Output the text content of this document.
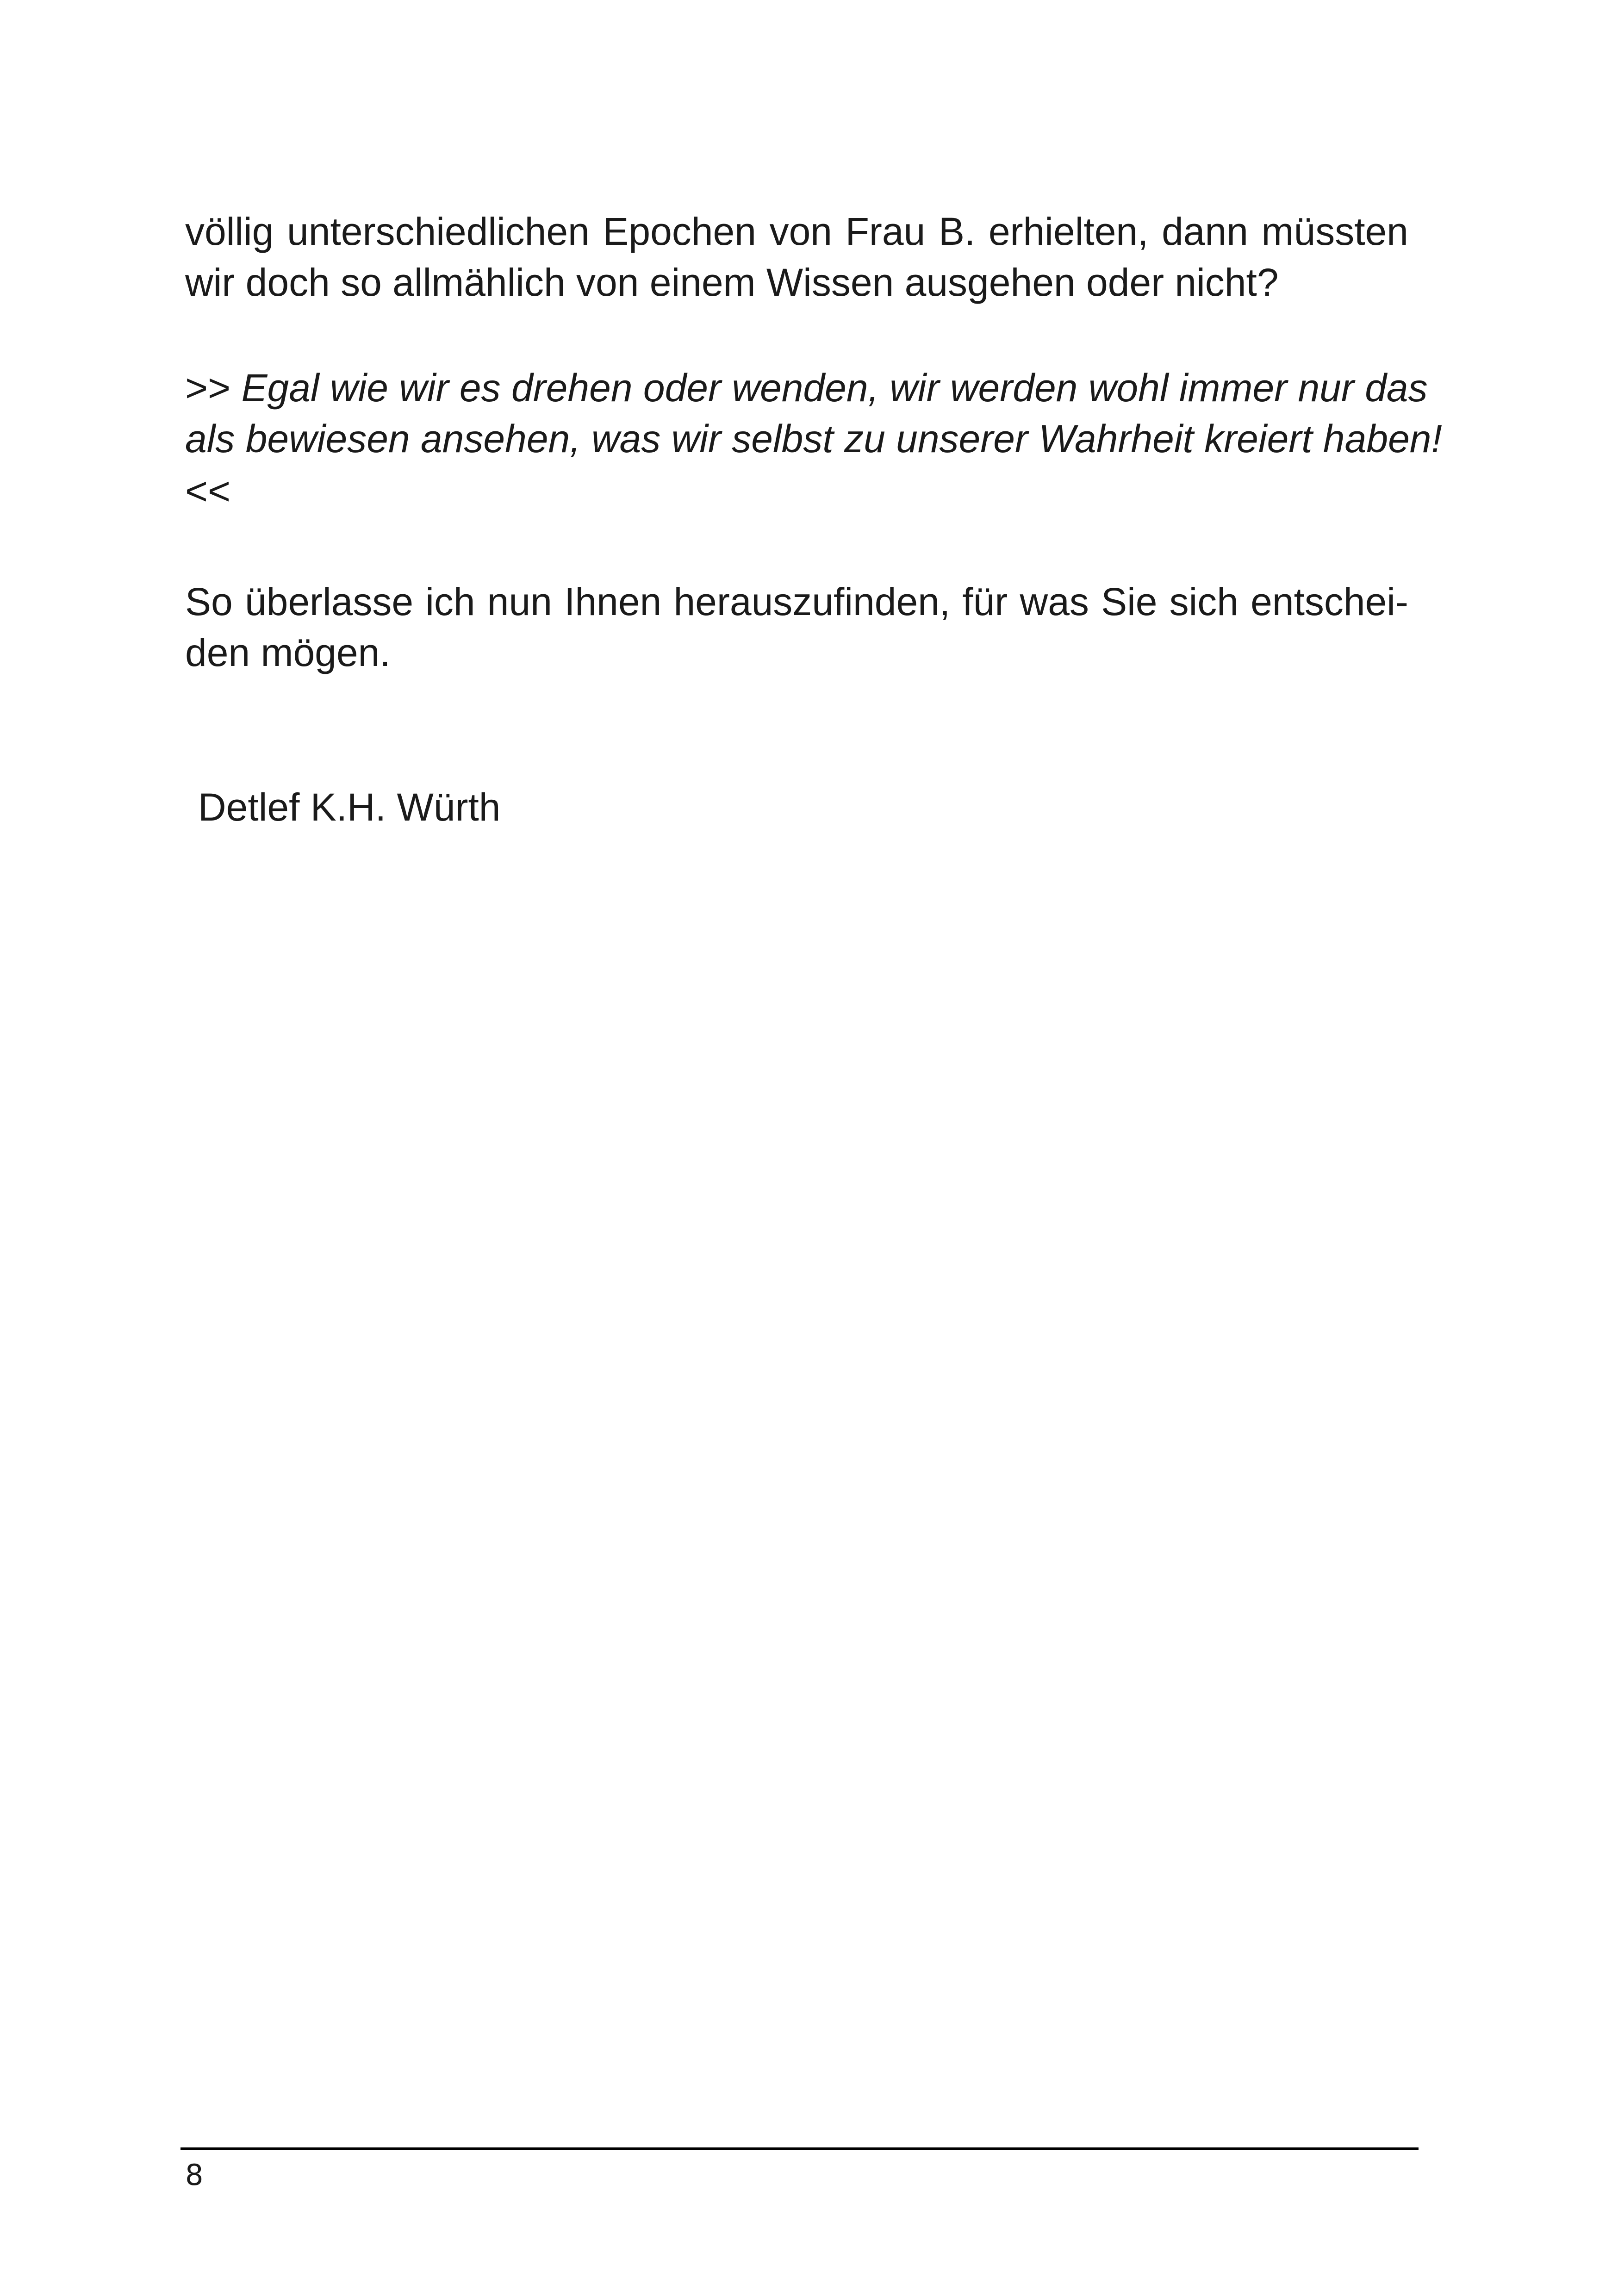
völlig unterschiedlichen Epochen von Frau B. erhielten, dann müssten
wir doch so allmählich von einem Wissen ausgehen oder nicht?
>> Egal wie wir es drehen oder wenden, wir werden wohl immer nur das
als bewiesen ansehen, was wir selbst zu unserer Wahrheit kreiert haben!
<<
So überlasse ich nun Ihnen herauszufinden, für was Sie sich entschei-
den mögen.
Detlef K.H. Würth
8
